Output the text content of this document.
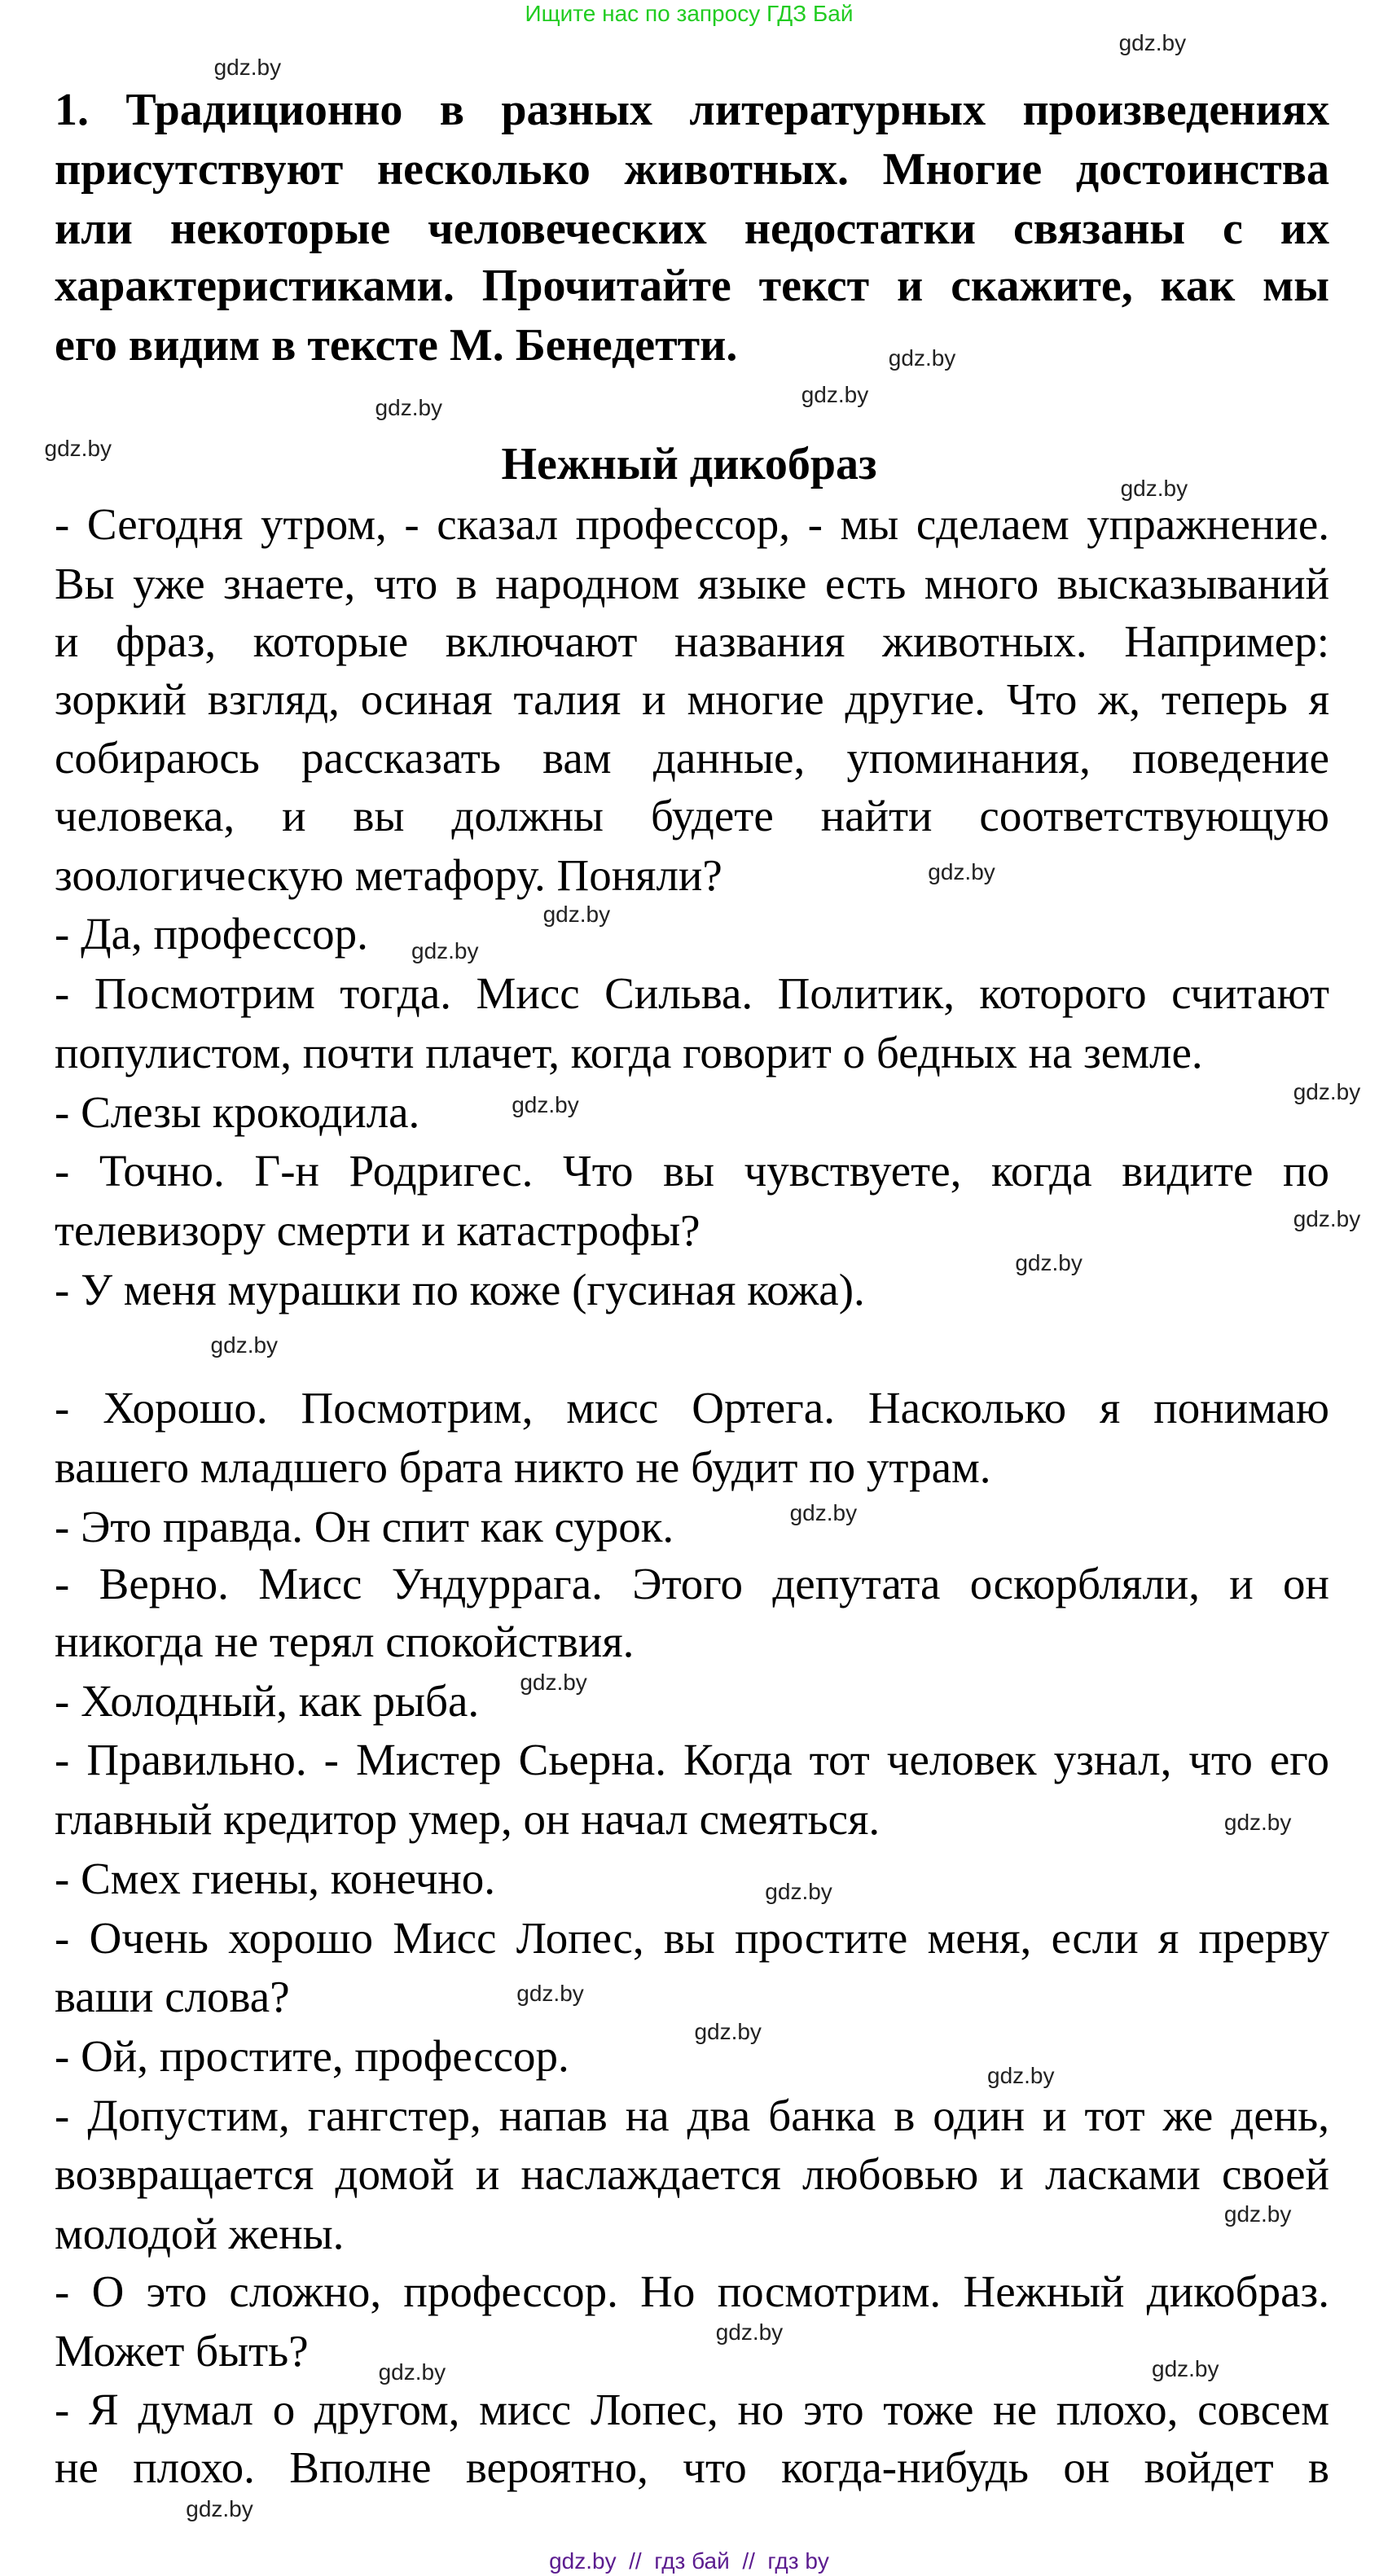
Ищите нас по запросу ГДЗ Бай
1. Традиционно в разных литературных произведениях
присутствуют несколько животных. Многие достоинства
или некоторые человеческих недостатки связаны с их
характеристиками. Прочитайте текст и скажите, как мы
его видим в тексте М. Бенедетти.
Нежный дикобраз
- Сегодня утром, - сказал профессор, - мы сделаем упражнение.
Вы уже знаете, что в народном языке есть много высказываний
и фраз, которые включают названия животных. Например:
зоркий взгляд, осиная талия и многие другие. Что ж, теперь я
собираюсь рассказать вам данные, упоминания, поведение
человека, и вы должны будете найти соответствующую
зоологическую метафору. Поняли?
- Да, профессор.
- Посмотрим тогда. Мисс Сильва. Политик, которого считают
популистом, почти плачет, когда говорит о бедных на земле.
- Слезы крокодила.
- Точно. Г-н Родригес. Что вы чувствуете, когда видите по
телевизору смерти и катастрофы?
- У меня мурашки по коже (гусиная кожа).
- Хорошо. Посмотрим, мисс Ортега. Насколько я понимаю
вашего младшего брата никто не будит по утрам.
- Это правда. Он спит как сурок.
- Верно. Мисс Ундуррага. Этого депутата оскорбляли, и он
никогда не терял спокойствия.
- Холодный, как рыба.
- Правильно. - Мистер Сьерна. Когда тот человек узнал, что его
главный кредитор умер, он начал смеяться.
- Смех гиены, конечно.
- Очень хорошо Мисс Лопес, вы простите меня, если я прерву
ваши слова?
- Ой, простите, профессор.
- Допустим, гангстер, напав на два банка в один и тот же день,
возвращается домой и наслаждается любовью и ласками своей
молодой жены.
- О это сложно, профессор. Но посмотрим. Нежный дикобраз.
Может быть?
- Я думал о другом, мисс Лопес, но это тоже не плохо, совсем
не плохо. Вполне вероятно, что когда-нибудь он войдет в
gdz.by
gdz.by
gdz.by
gdz.by
gdz.by
gdz.by
gdz.by
gdz.by
gdz.by
gdz.by
gdz.by
gdz.by
gdz.by
gdz.by
gdz.by
gdz.by
gdz.by
gdz.by
gdz.by
gdz.by
gdz.by
gdz.by
gdz.by
gdz.by
gdz.by	gdz.by
gdz.by
gdz.by  //  гдз бай  //  гдз by
